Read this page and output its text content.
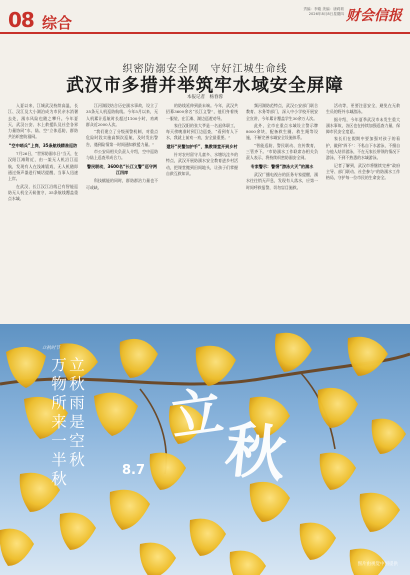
08 综合
责编：李璇 美编：唐莉莉
2026年8月8日星期四 财会信报
织密防溺安全网　守好江城生命线
武汉市多措并举筑牢水域安全屏障
本报记者　杨春蓉

入夏以来，江城武汉持续高温，长江、汉江及大小湖泊成为市民亲水消暑去处，溺水风险也随之攀升。今年夏天，武汉公安、水上救援队及社会各界力量协同“水、陆、空”立体巡防，群防共治织密防溺网。

“空中哨兵”上岗，35条航线精准巡防

7月26日，“世界防溺水日”当天，在汉阳江滩附近，由一架无人机沿江巡航，发现有人在浅滩嬉戏，无人机随即通过扬声器进行喊话提醒，当事人迅速上岸。

在武汉，长江汉江沿线已有智能巡防无人机全天候值守，35条航线覆盖重点水域。

江河湖段结合历史溺水事故，设立了35条无人机巡防航线。今年5月以来，无人机累计巡航时长超过1100小时，劝离群众近2000人次。

“我们建立了分级预警机制，对重点危险时段实施高频次巡航，及时发出警告，遇到险情第一时间通知救援力量。”

市公安局相关负责人介绍，空中巡防与陆上巡查形成合力。

警民联动，3600名“长江义警”巡守两江四岸

科技赋能的同时，群防群治力量也不可或缺。

的防线延伸到最末端。今年，武汉共招募3600余名“长江义警”，他们身着统一服装，在江滩、湖边巡逻劝导。

家住汉阳的张大爷是一名退休职工，每天傍晚准时到江边巡查，“看到有人下水，我就上前劝一劝，安全最重要。”

建好“民警加护手”，集教课堂开到乡村

针对农村留守儿童多、水塘坑洼多的特点，武汉开展防溺水安全教育进乡村活动，把课堂搬到田间地头，让孩子们掌握自救互救知识。

频河湖防范特点，武汉公安部门联合教育、水务等部门，深入中小学校开展安全宣讲，今年累计覆盖学生30余万人次。

此外，全市在重点水域设立警示牌8000余块，配备救生圈、救生绳等设施，不断完善水域安全设施体系。

“智能巡防、警民联动、宣传教育，三管齐下。”市防溺水工作联席办相关负责人表示，将持续织密防溺安全网。

专家警示：警惕“游泳大天”的溺水

武汉广播电视台的医务专家提醒，溺水往往悄无声息，发现有人落水，应第一时间呼救报警，切勿盲目施救。

活动等，更要注意安全，避免在无救生员的野外水域游泳。

据介绍，今年夏季武汉市未发生重大溺水事故，各区也在持续加强巡查力量，保障市民安全度夏。

家长们在假期中要加强对孩子的看护，做到“四不”：不私自下水游泳，不擅自与他人结伴游泳，不在无家长带领的情况下游泳，不到不熟悉的水域游泳。

记者了解到，武汉市将继续完善“政府主导、部门联动、社会参与”的防溺水工作格局，守护每一位市民的生命安全。

立秋时节
万
物
所
来
一
半
秋
立
秋
雨
是
空
秋
立
秋
8.7
图片由视觉中国提供
